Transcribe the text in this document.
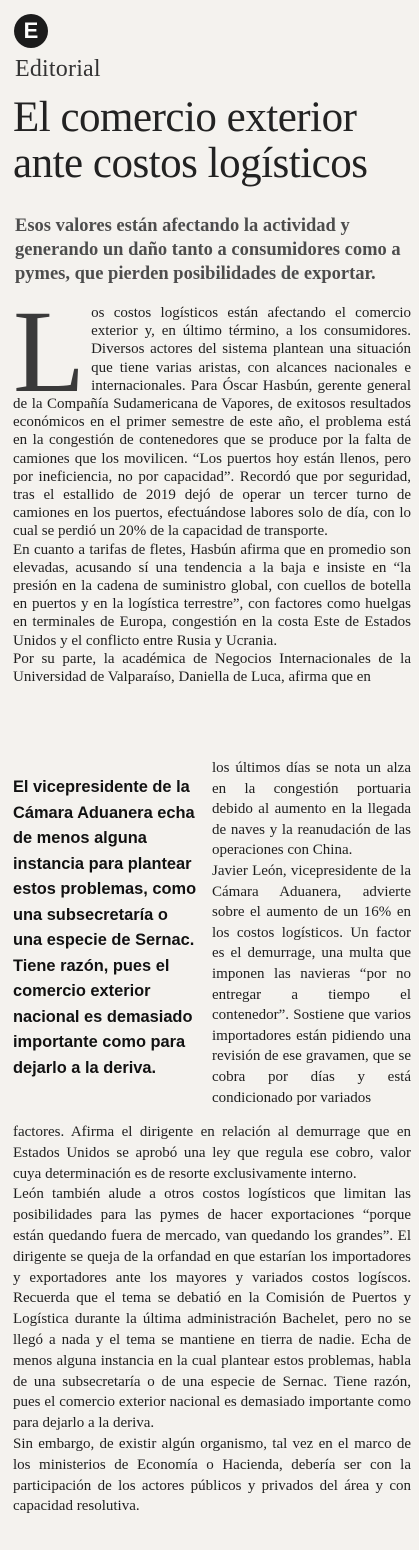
E
Editorial
El comercio exterior ante costos logísticos
Esos valores están afectando la actividad y generando un daño tanto a consumidores como a pymes, que pierden posibilidades de exportar.
L os costos logísticos están afectando el comercio exterior y, en último término, a los consumidores. Diversos actores del sistema plantean una situación que tiene varias aristas, con alcances nacionales e internacionales. Para Óscar Hasbún, gerente general de la Compañía Sudamericana de Vapores, de exitosos resultados económicos en el primer semestre de este año, el problema está en la congestión de contenedores que se produce por la falta de camiones que los movilicen. “Los puertos hoy están llenos, pero por ineficiencia, no por capacidad”. Recordó que por seguridad, tras el estallido de 2019 dejó de operar un tercer turno de camiones en los puertos, efectuándose labores solo de día, con lo cual se perdió un 20% de la capacidad de transporte.

En cuanto a tarifas de fletes, Hasbún afirma que en promedio son elevadas, acusando sí una tendencia a la baja e insiste en “la presión en la cadena de suministro global, con cuellos de botella en puertos y en la logística terrestre”, con factores como huelgas en terminales de Europa, congestión en la costa Este de Estados Unidos y el conflicto entre Rusia y Ucrania.

Por su parte, la académica de Negocios Internacionales de la Universidad de Valparaíso, Daniella de Luca, afirma que en

El vicepresidente de la Cámara Aduanera echa de menos alguna instancia para plantear estos problemas, como una subsecretaría o una especie de Sernac. Tiene razón, pues el comercio exterior nacional es demasiado importante como para dejarlo a la deriva.

los últimos días se nota un alza en la congestión portuaria debido al aumento en la llegada de naves y la reanudación de las operaciones con China.

Javier León, vicepresidente de la Cámara Aduanera, advierte sobre el aumento de un 16% en los costos logísticos. Un factor es el demurrage, una multa que imponen las navieras “por no entregar a tiempo el contenedor”. Sostiene que varios importadores están pidiendo una revisión de ese gravamen, que se cobra por días y está condicionado por variados

factores. Afirma el dirigente en relación al demurrage que en Estados Unidos se aprobó una ley que regula ese cobro, valor cuya determinación es de resorte exclusivamente interno.

León también alude a otros costos logísticos que limitan las posibilidades para las pymes de hacer exportaciones “porque están quedando fuera de mercado, van quedando los grandes”. El dirigente se queja de la orfandad en que estarían los importadores y exportadores ante los mayores y variados costos logíscos. Recuerda que el tema se debatió en la Comisión de Puertos y Logística durante la última administración Bachelet, pero no se llegó a nada y el tema se mantiene en tierra de nadie. Echa de menos alguna instancia en la cual plantear estos problemas, habla de una subsecretaría o de una especie de Sernac. Tiene razón, pues el comercio exterior nacional es demasiado importante como para dejarlo a la deriva.

Sin embargo, de existir algún organismo, tal vez en el marco de los ministerios de Economía o Hacienda, debería ser con la participación de los actores públicos y privados del área y con capacidad resolutiva.
